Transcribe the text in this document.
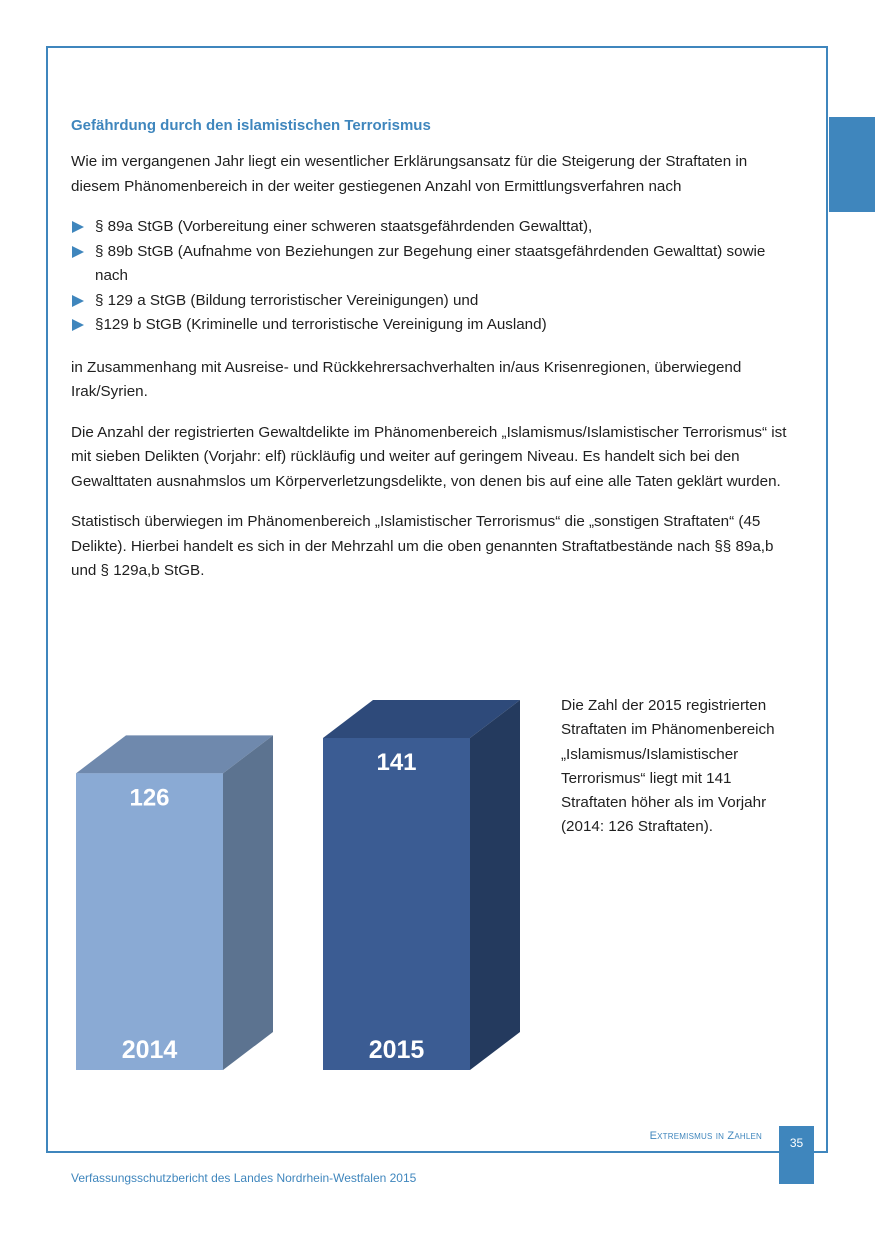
Gefährdung durch den islamistischen Terrorismus

Wie im vergangenen Jahr liegt ein wesentlicher Erklärungsansatz für die Steigerung der Straftaten in diesem Phänomenbereich in der weiter gestiegenen Anzahl von Ermittlungsverfahren nach

§ 89a StGB (Vorbereitung einer schweren staatsgefährdenden Gewalttat),
§ 89b StGB (Aufnahme von Beziehungen zur Begehung einer staatsgefährdenden Gewalttat) sowie nach
§ 129 a StGB (Bildung terroristischer Vereinigungen) und
§129 b StGB (Kriminelle und terroristische Vereinigung im Ausland)

in Zusammenhang mit Ausreise- und Rückkehrersachverhalten in/aus Krisenregionen, überwiegend Irak/Syrien.

Die Anzahl der registrierten Gewaltdelikte im Phänomenbereich „Islamismus/Islamistischer Terrorismus“ ist mit sieben Delikten (Vorjahr: elf) rückläufig und weiter auf geringem Niveau. Es handelt sich bei den Gewalttaten ausnahmslos um Körperverletzungsdelikte, von denen bis auf eine alle Taten geklärt wurden.

Statistisch überwiegen im Phänomenbereich „Islamistischer Terrorismus“ die „sonstigen Straftaten“ (45 Delikte). Hierbei handelt es sich in der Mehrzahl um die oben genannten Straftatbestände nach §§ 89a,b und § 129a,b StGB.

126
2014
141
2015
Die Zahl der 2015 registrierten Straftaten im Phänomenbereich „Islamismus/Islamistischer Terrorismus“ liegt mit 141 Straftaten höher als im Vorjahr (2014: 126 Straftaten).
Extremismus in Zahlen	35
Verfassungsschutzbericht des Landes Nordrhein-Westfalen 2015
